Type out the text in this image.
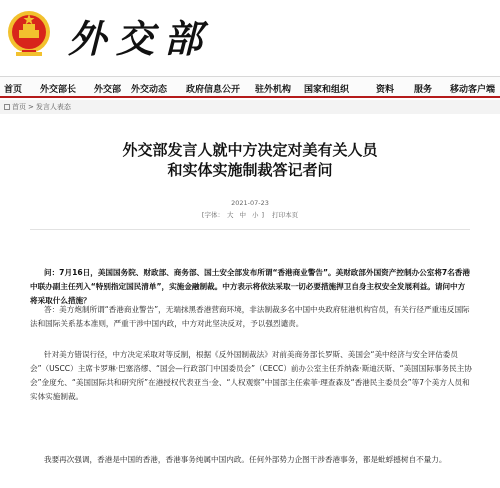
外交部
首页 外交部长 外交部 外交动态 政府信息公开 驻外机构 国家和组织	资料 服务 移动客户端
首页 > 发言人表态
外交部发言人就中方决定对美有关人员
和实体实施制裁答记者问
2021-07-23
[字体： 大 中 小 ] 打印本页

问：7月16日，美国国务院、财政部、商务部、国土安全部发布所谓“香港商业警告”。美财政部外国资产控制办公室将7名香港中联办副主任列入“特别指定国民清单”，实施金融制裁。中方表示将依法采取一切必要措施捍卫自身主权安全发展利益。请问中方将采取什么措施？

答：美方炮制所谓“香港商业警告”，无端抹黑香港营商环境，非法制裁多名中国中央政府驻港机构官员，有关行径严重违反国际法和国际关系基本准则，严重干涉中国内政，中方对此坚决反对，予以强烈谴责。

针对美方错误行径，中方决定采取对等反制，根据《反外国制裁法》对前美商务部长罗斯、美国会“美中经济与安全评估委员会”（USCC）主席卡罗琳·巴塞洛缪、“国会—行政部门中国委员会”（CECC）前办公室主任乔纳森·斯迪沃斯、“美国国际事务民主协会”金度允、“美国国际共和研究所”在港授权代表亚当·金、“人权观察”中国部主任索菲·理查森及“香港民主委员会”等7个美方人员和实体实施制裁。

我要再次强调，香港是中国的香港，香港事务纯属中国内政。任何外部势力企图干涉香港事务，都是蚍蜉撼树自不量力。
